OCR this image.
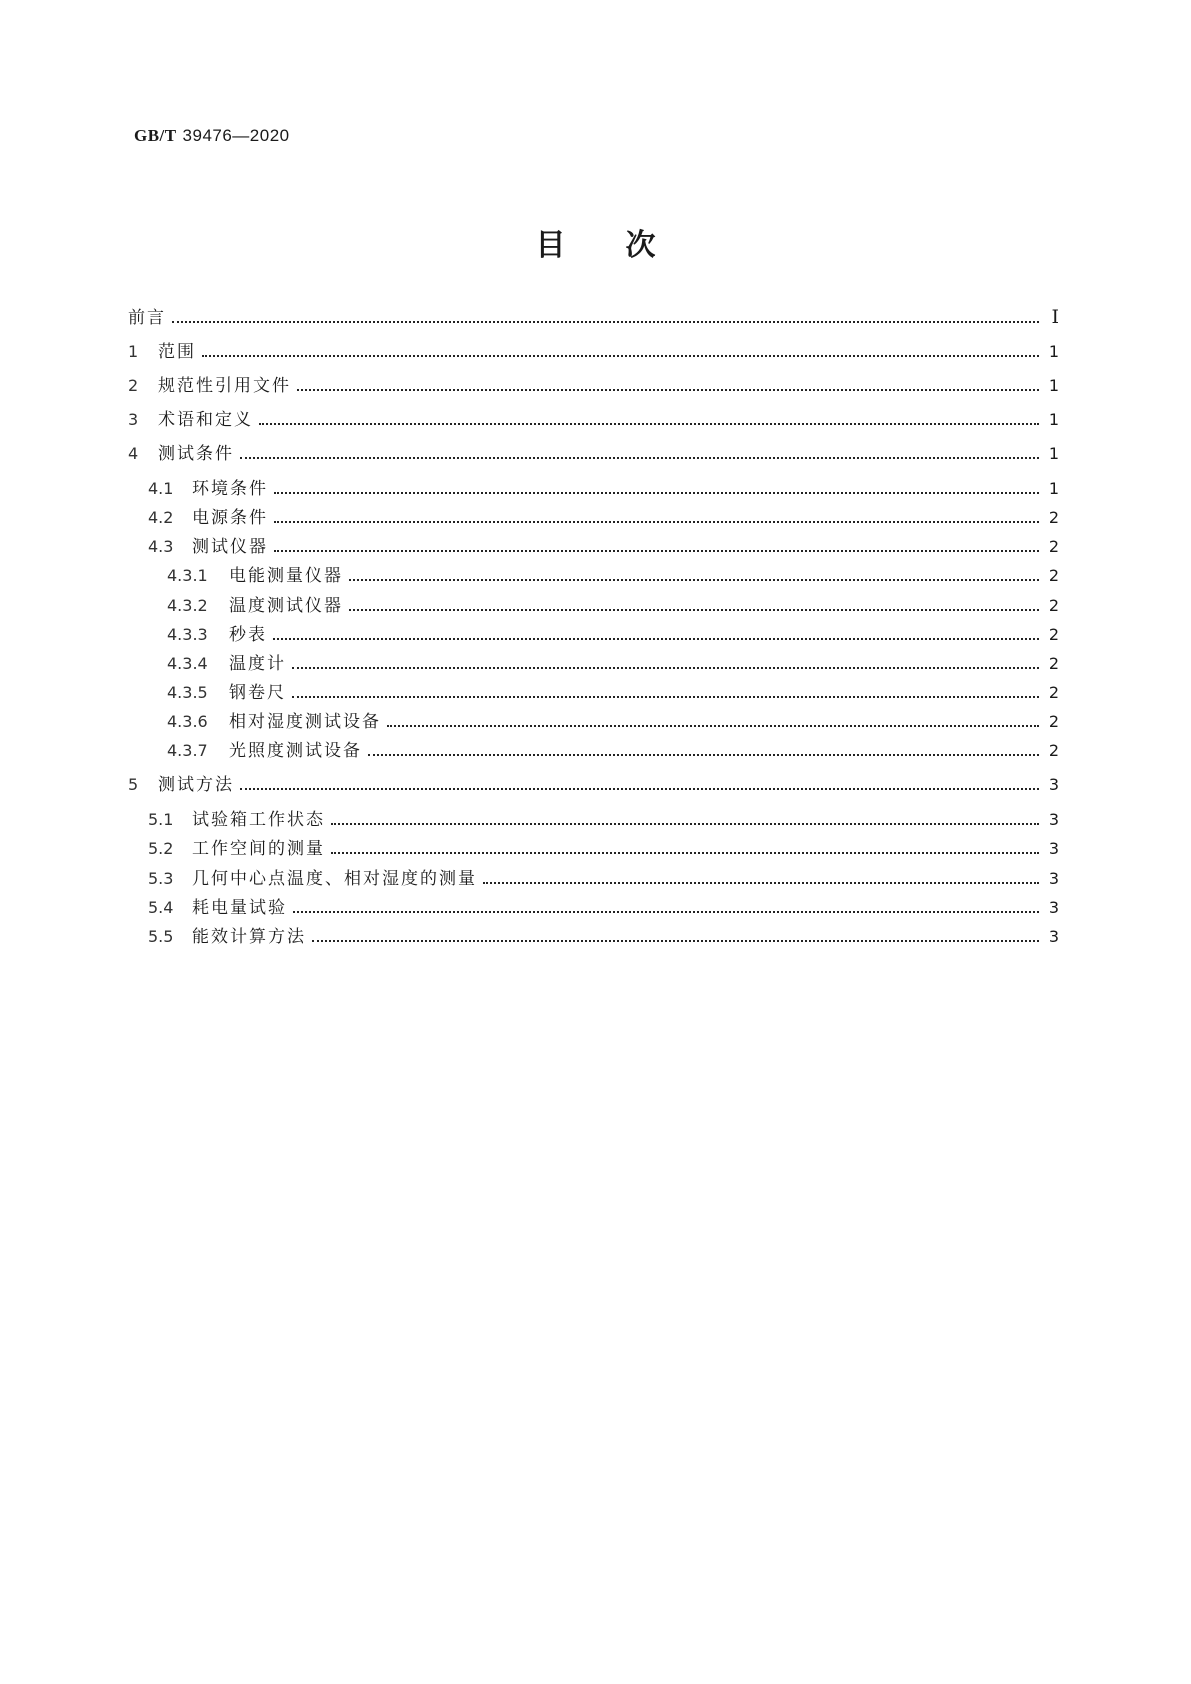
GB/T 39476—2020

目次
前言	Ⅰ
1	范围	1
2	规范性引用文件	1
3	术语和定义	1
4	测试条件	1
4.1	环境条件	1
4.2	电源条件	2
4.3	测试仪器	2
4.3.1	电能测量仪器	2
4.3.2	温度测试仪器	2
4.3.3	秒表	2
4.3.4	温度计	2
4.3.5	钢卷尺	2
4.3.6	相对湿度测试设备	2
4.3.7	光照度测试设备	2
5	测试方法	3
5.1	试验箱工作状态	3
5.2	工作空间的测量	3
5.3	几何中心点温度、相对湿度的测量	3
5.4	耗电量试验	3
5.5	能效计算方法	3
